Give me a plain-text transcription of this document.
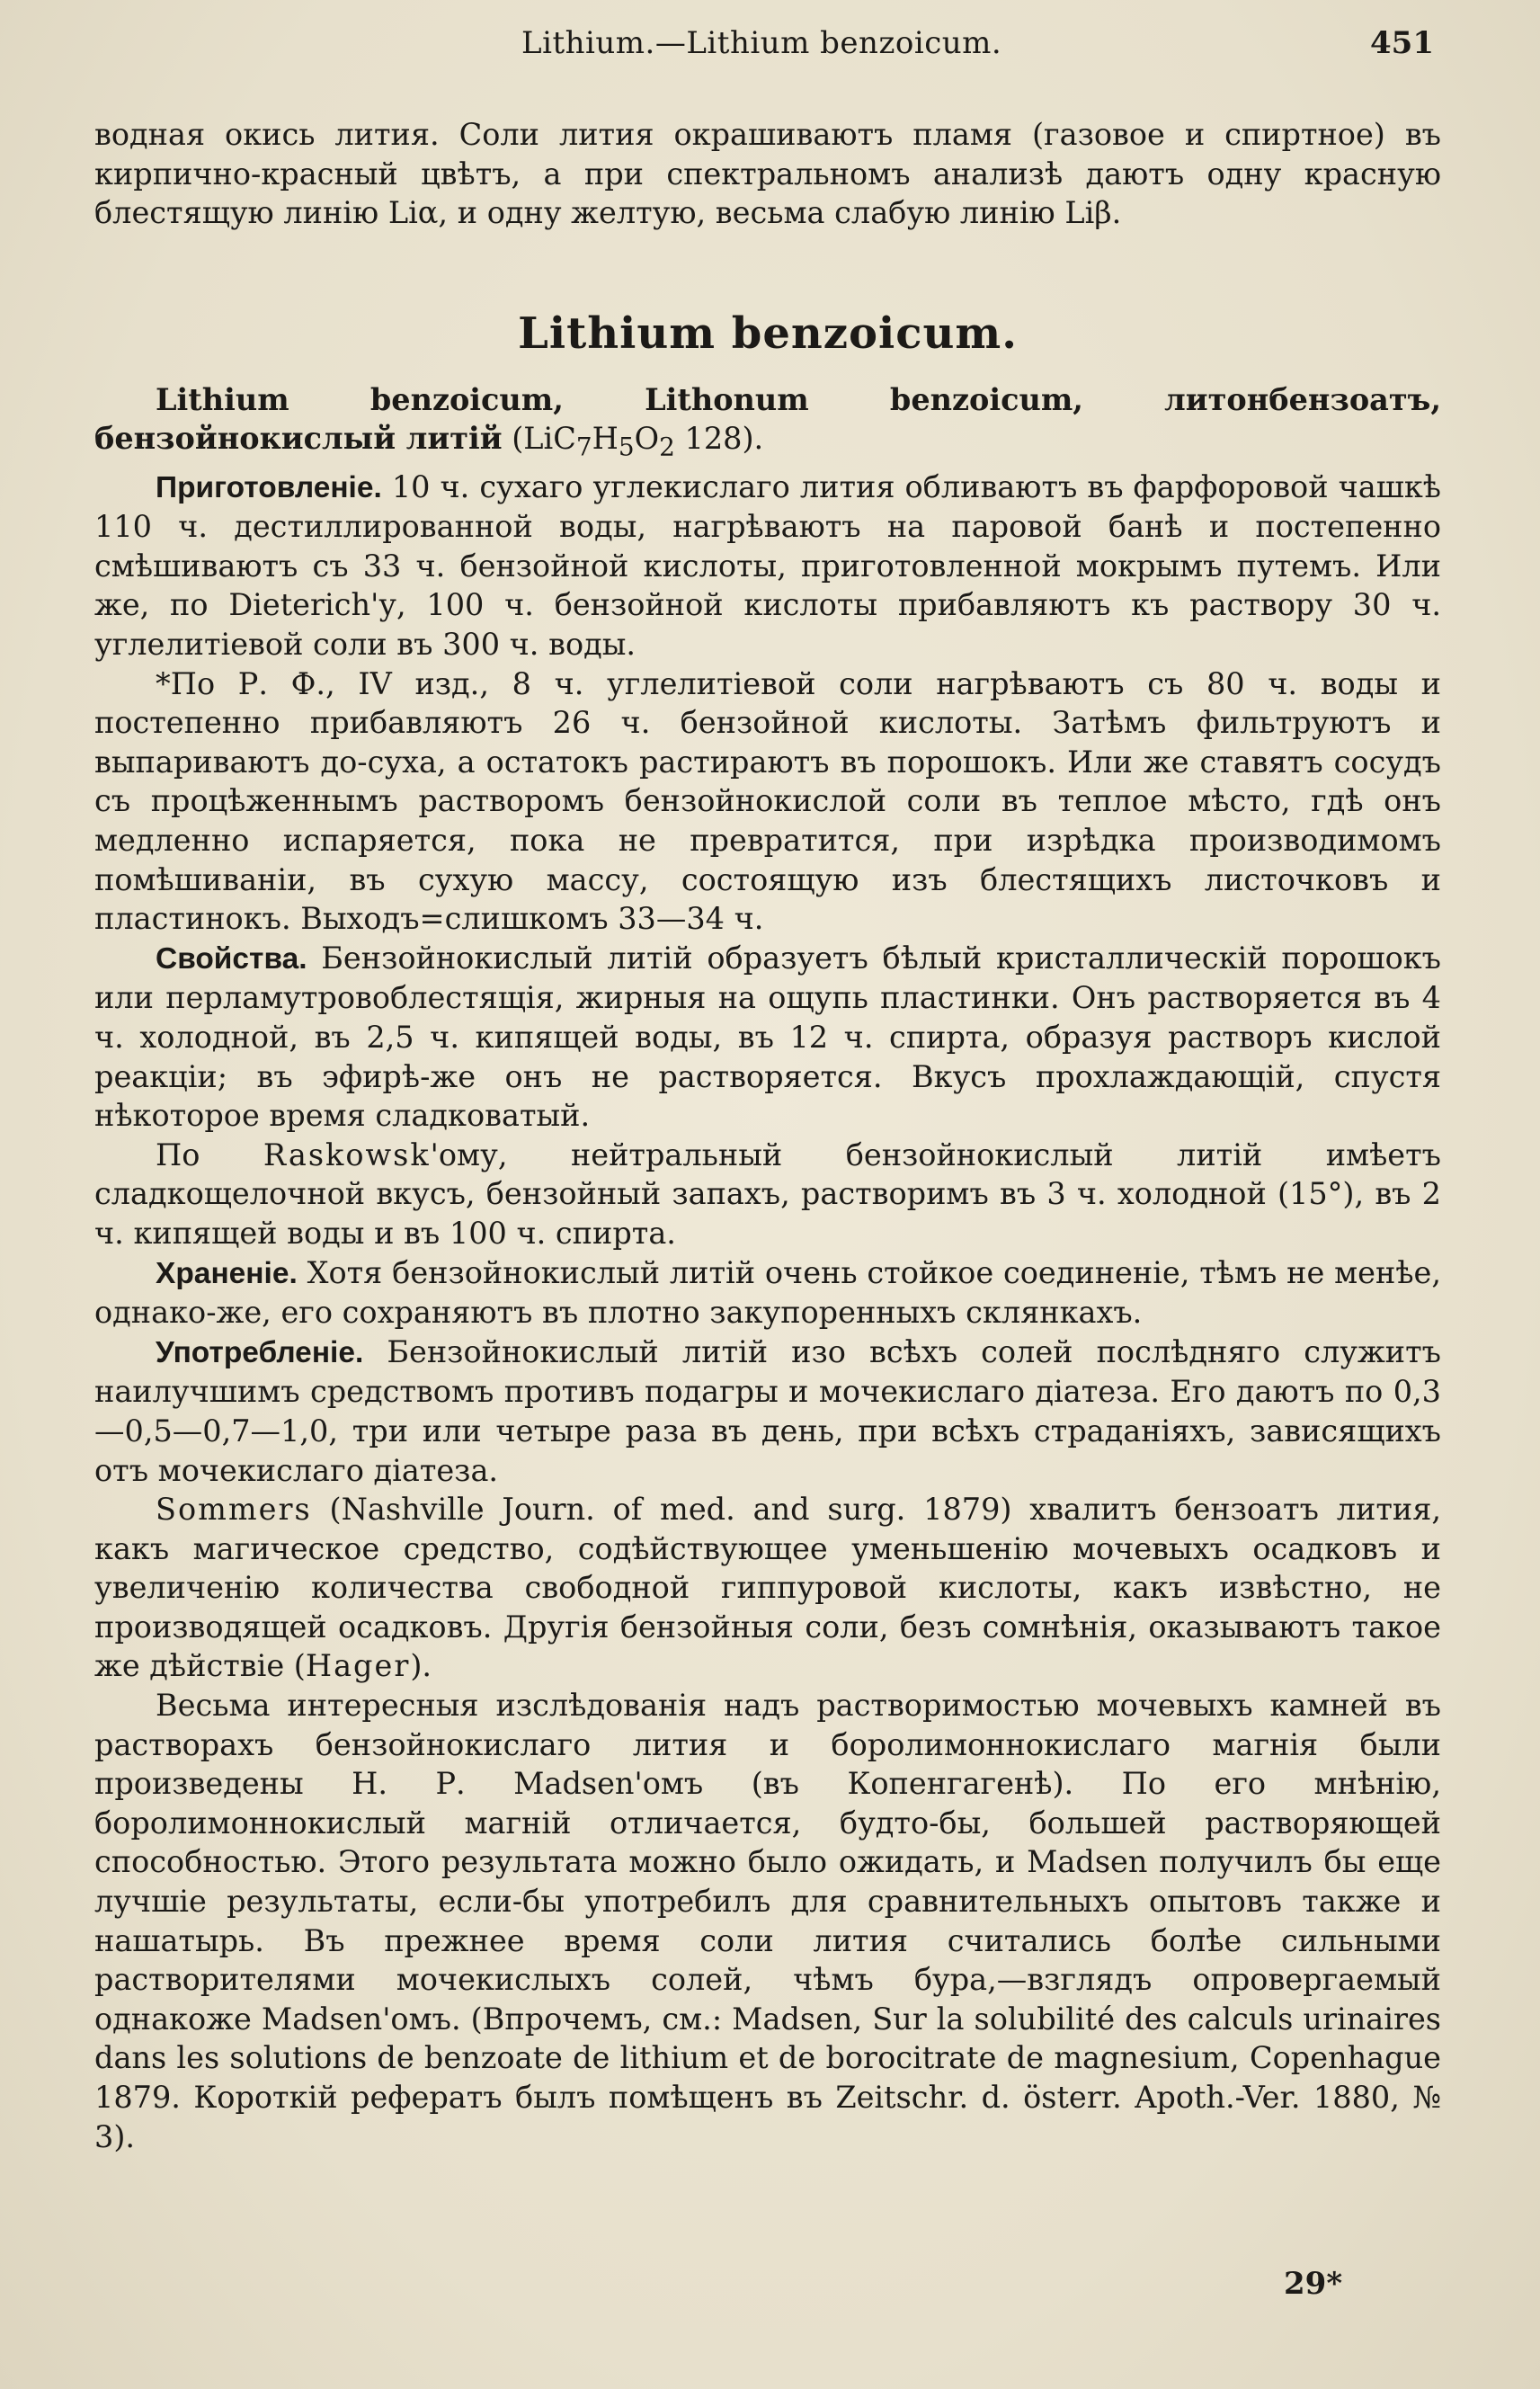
Lithium.—Lithium benzoicum.	451

водная окись лития. Соли лития окрашиваютъ пламя (газовое и спиртное) въ кирпично-красный цвѣтъ, а при спектральномъ анализѣ даютъ одну красную блестящую линію Liα, и одну желтую, весьма слабую линію Liβ.

Lithium benzoicum.

Lithium benzoicum, Lithonum benzoicum, литонбензоатъ, бензойнокислый литій ($LiC_7H_5O_2$ 128).

Приготовленіе. 10 ч. сухаго углекислаго лития обливаютъ въ фарфоровой чашкѣ 110 ч. дестиллированной воды, нагрѣваютъ на паровой банѣ и постепенно смѣшиваютъ съ 33 ч. бензойной кислоты, приготовленной мокрымъ путемъ. Или же, по Dieterich'у, 100 ч. бензойной кислоты прибавляютъ къ раствору 30 ч. углелитіевой соли въ 300 ч. воды.

*По Р. Ф., IV изд., 8 ч. углелитіевой соли нагрѣваютъ съ 80 ч. воды и постепенно прибавляютъ 26 ч. бензойной кислоты. Затѣмъ фильтруютъ и выпариваютъ до-суха, а остатокъ растираютъ въ порошокъ. Или же ставятъ сосудъ съ процѣженнымъ растворомъ бензойнокислой соли въ теплое мѣсто, гдѣ онъ медленно испаряется, пока не превратится, при изрѣдка производимомъ помѣшиваніи, въ сухую массу, состоящую изъ блестящихъ листочковъ и пластинокъ. Выходъ=слишкомъ 33—34 ч.

Свойства. Бензойнокислый литій образуетъ бѣлый кристаллическій порошокъ или перламутровоблестящія, жирныя на ощупь пластинки. Онъ растворяется въ 4 ч. холодной, въ 2,5 ч. кипящей воды, въ 12 ч. спирта, образуя растворъ кислой реакціи; въ эфирѣ-же онъ не растворяется. Вкусъ прохлаждающій, спустя нѣкоторое время сладковатый.

По Raskowsk'ому, нейтральный бензойнокислый литій имѣетъ сладкощелочной вкусъ, бензойный запахъ, растворимъ въ 3 ч. холодной (15°), въ 2 ч. кипящей воды и въ 100 ч. спирта.

Храненіе. Хотя бензойнокислый литій очень стойкое соединеніе, тѣмъ не менѣе, однако-же, его сохраняютъ въ плотно закупоренныхъ склянкахъ.

Употребленіе. Бензойнокислый литій изо всѣхъ солей послѣдняго служитъ наилучшимъ средствомъ противъ подагры и мочекислаго діатеза. Его даютъ по 0,3—0,5—0,7—1,0, три или четыре раза въ день, при всѣхъ страданіяхъ, зависящихъ отъ мочекислаго діатеза.

Sommers (Nashville Journ. of med. and surg. 1879) хвалитъ бензоатъ лития, какъ магическое средство, содѣйствующее уменьшенію мочевыхъ осадковъ и увеличенію количества свободной гиппуровой кислоты, какъ извѣстно, не производящей осадковъ. Другія бензойныя соли, безъ сомнѣнія, оказываютъ такое же дѣйствіе (Hager).

Весьма интересныя изслѣдованія надъ растворимостью мочевыхъ камней въ растворахъ бензойнокислаго лития и боролимоннокислаго магнія были произведены Н. Р. Madsen'омъ (въ Копенгагенѣ). По его мнѣнію, боролимоннокислый магній отличается, будто-бы, большей растворяющей способностью. Этого результата можно было ожидать, и Madsen получилъ бы еще лучшіе результаты, если-бы употребилъ для сравнительныхъ опытовъ также и нашатырь. Въ прежнее время соли лития считались болѣе сильными растворителями мочекислыхъ солей, чѣмъ бура,—взглядъ опровергаемый однакоже Madsen'омъ. (Впрочемъ, см.: Madsen, Sur la solubilité des calculs urinaires dans les solutions de benzoate de lithium et de borocitrate de magnesium, Copenhague 1879. Короткій рефератъ былъ помѣщенъ въ Zeitschr. d. österr. Apoth.-Ver. 1880, № 3).

29*
